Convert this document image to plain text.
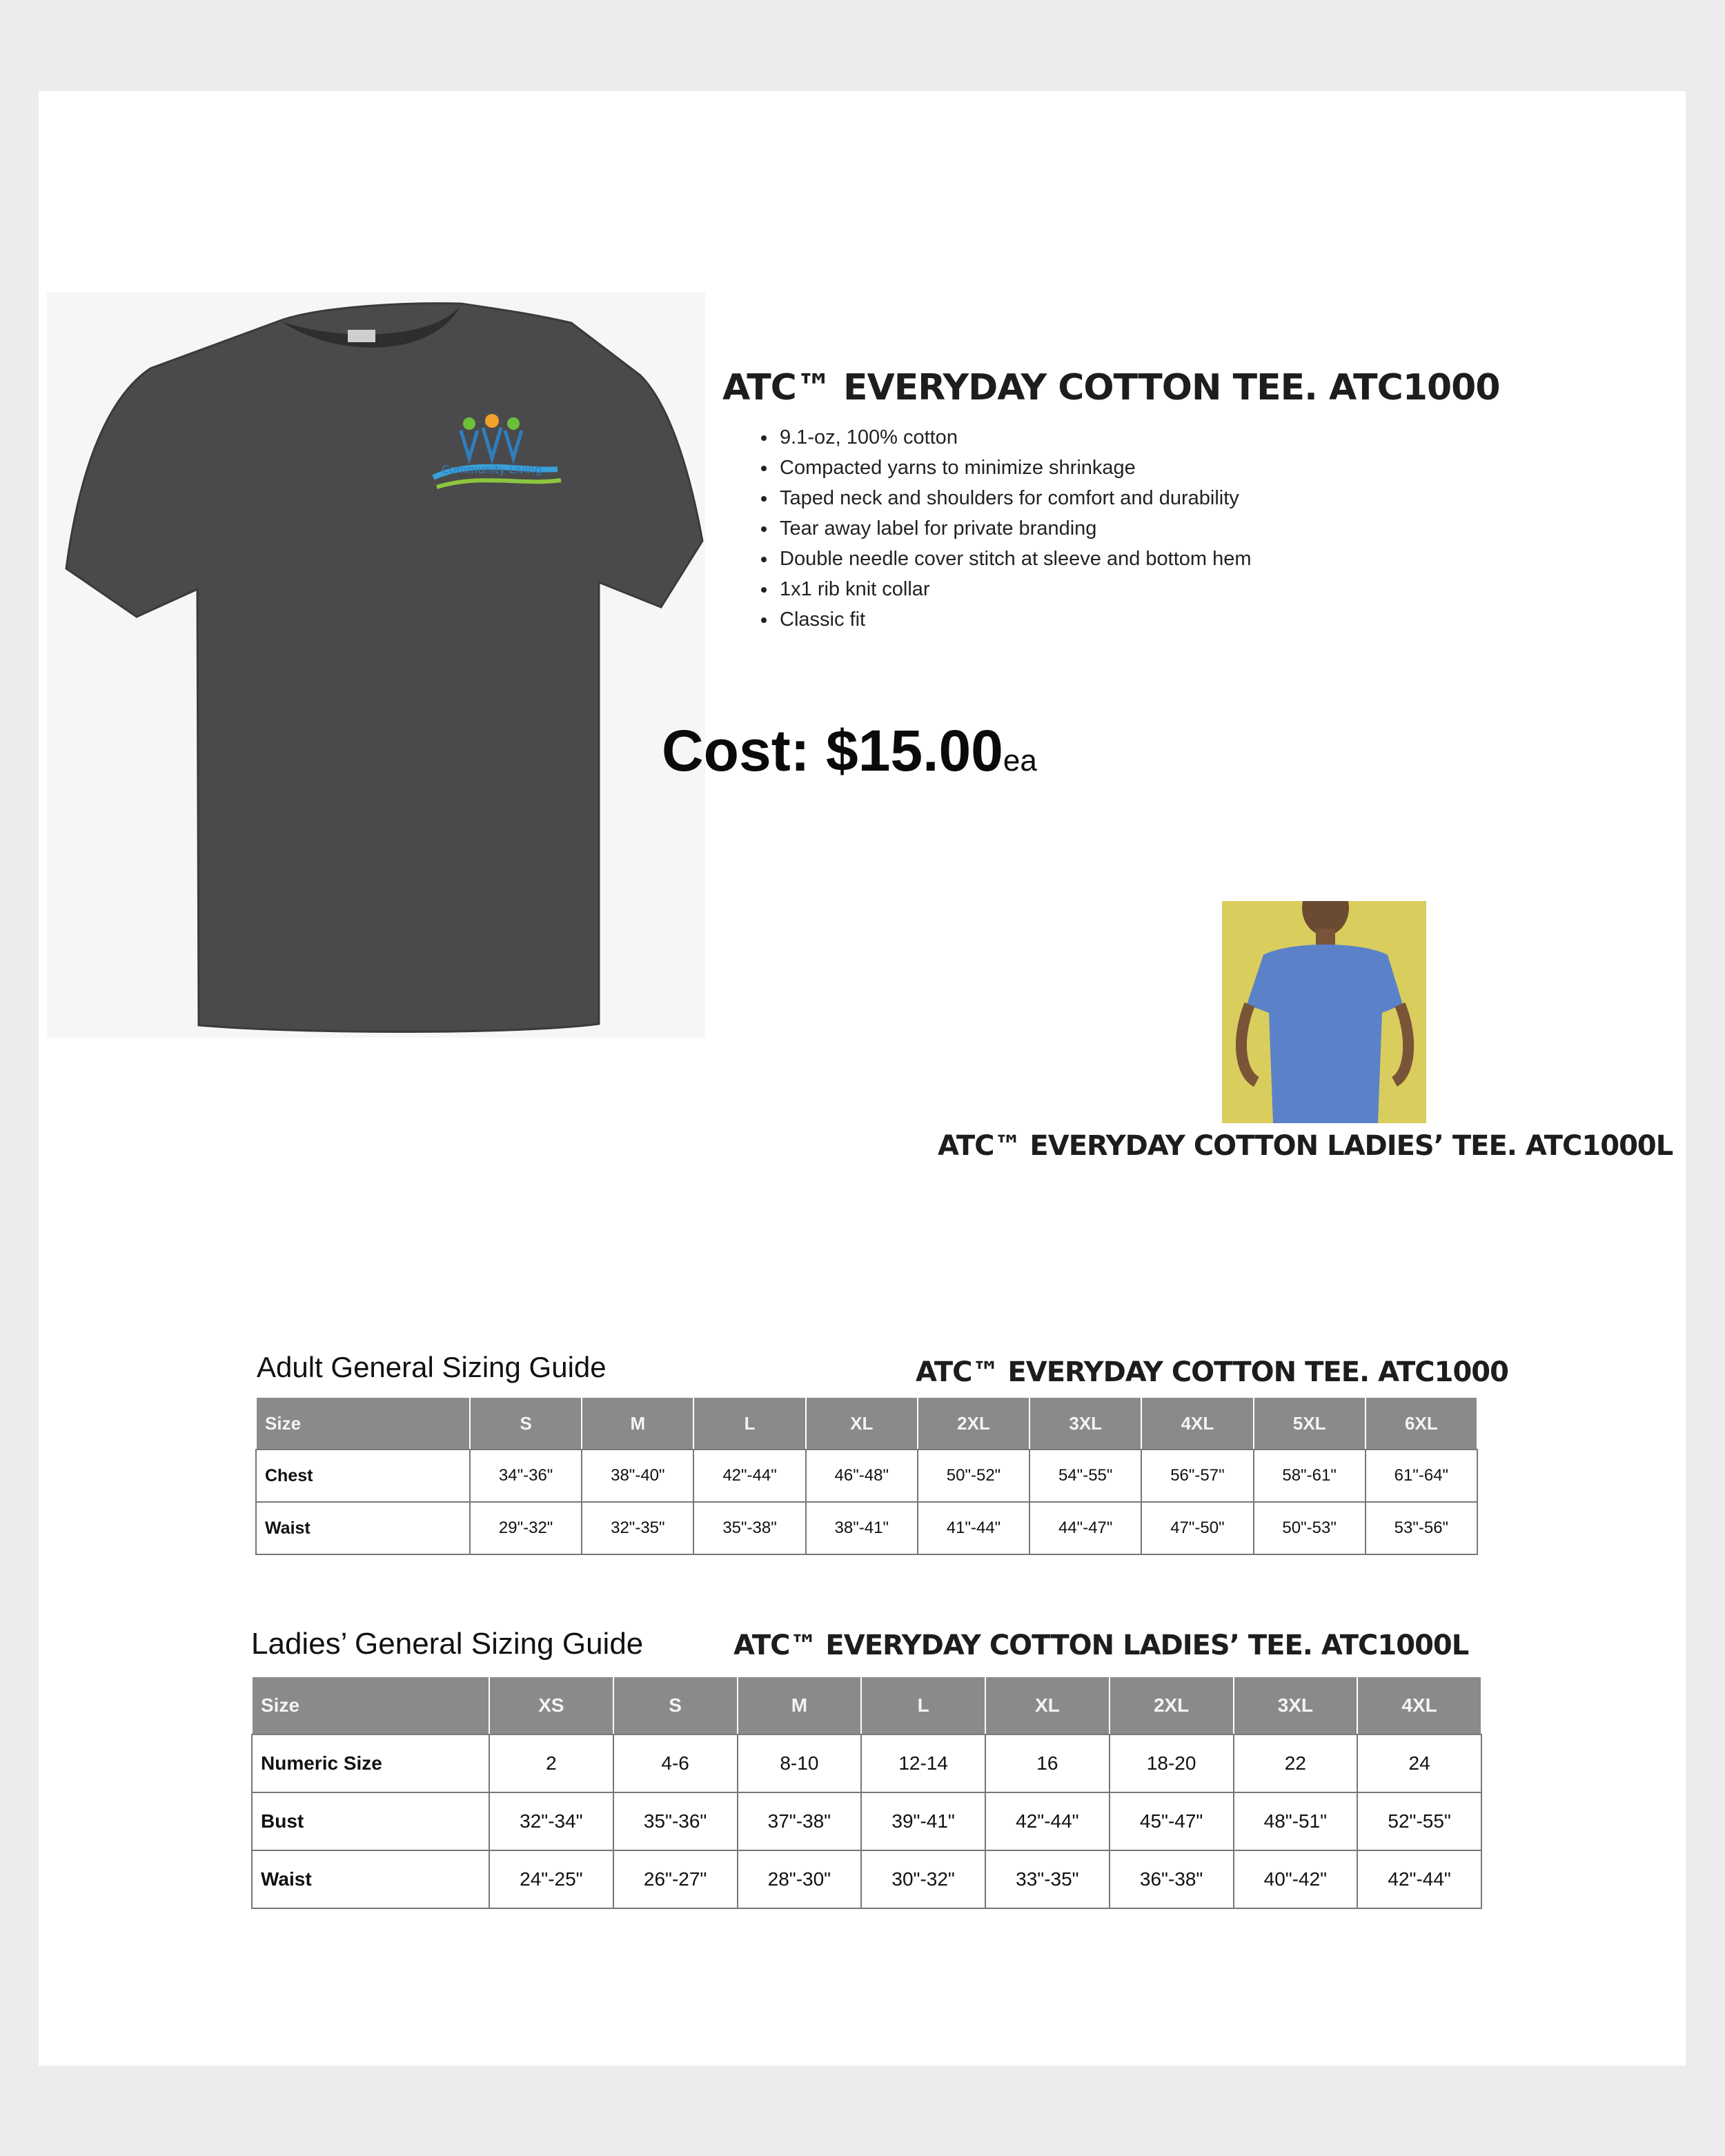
Community Living
ATC™ EVERYDAY COTTON TEE. ATC1000
• 9.1-oz, 100% cotton
• Compacted yarns to minimize shrinkage
• Taped neck and shoulders for comfort and durability
• Tear away label for private branding
• Double needle cover stitch at sleeve and bottom hem
• 1x1 rib knit collar
• Classic fit
Cost: $15.00ea
ATC™ EVERYDAY COTTON LADIES’ TEE. ATC1000L
Adult General Sizing Guide	ATC™ EVERYDAY COTTON TEE. ATC1000
Size	S	M	L	XL	2XL	3XL	4XL	5XL	6XL
Chest	34"-36"	38"-40"	42"-44"	46"-48"	50"-52"	54"-55"	56"-57"	58"-61"	61"-64"
Waist	29"-32"	32"-35"	35"-38"	38"-41"	41"-44"	44"-47"	47"-50"	50"-53"	53"-56"
Ladies’ General Sizing Guide	ATC™ EVERYDAY COTTON LADIES’ TEE. ATC1000L
Size	XS	S	M	L	XL	2XL	3XL	4XL
Numeric Size	2	4-6	8-10	12-14	16	18-20	22	24
Bust	32"-34"	35"-36"	37"-38"	39"-41"	42"-44"	45"-47"	48"-51"	52"-55"
Waist	24"-25"	26"-27"	28"-30"	30"-32"	33"-35"	36"-38"	40"-42"	42"-44"
